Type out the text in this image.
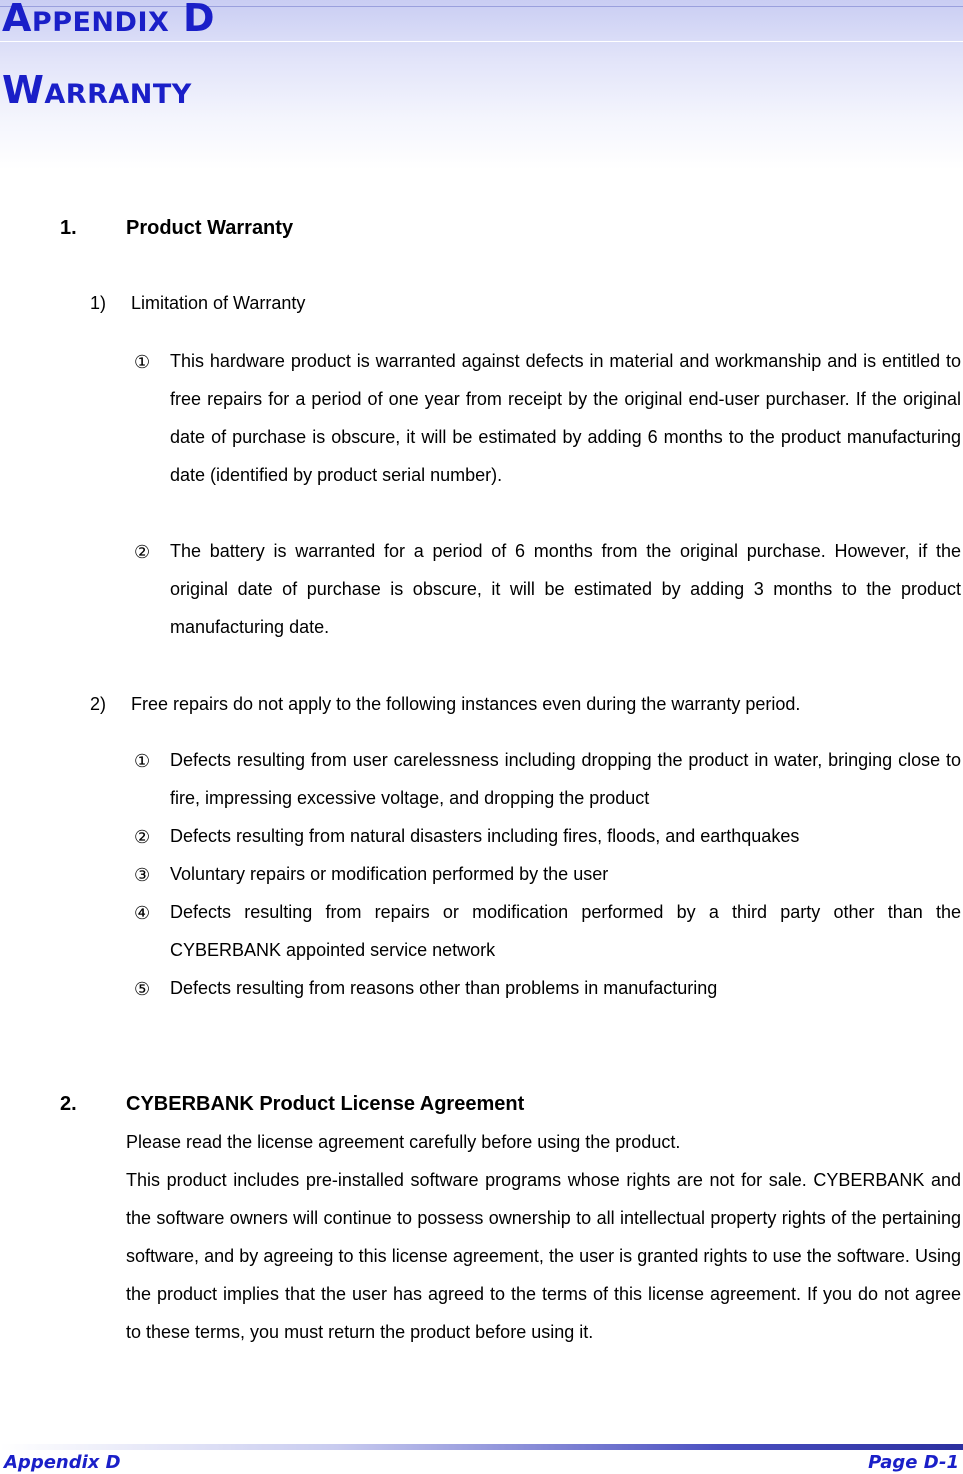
Appendix D
Warranty
1. Product Warranty
1) Limitation of Warranty
① This hardware product is warranted against defects in material and workmanship and is entitled to free repairs for a period of one year from receipt by the original end-user purchaser. If the original date of purchase is obscure, it will be estimated by adding 6 months to the product manufacturing date (identified by product serial number).
② The battery is warranted for a period of 6 months from the original purchase. However, if the original date of purchase is obscure, it will be estimated by adding 3 months to the product manufacturing date.
2) Free repairs do not apply to the following instances even during the warranty period.
① Defects resulting from user carelessness including dropping the product in water, bringing close to fire, impressing excessive voltage, and dropping the product
② Defects resulting from natural disasters including fires, floods, and earthquakes
③ Voluntary repairs or modification performed by the user
④ Defects resulting from repairs or modification performed by a third party other than the CYBERBANK appointed service network
⑤ Defects resulting from reasons other than problems in manufacturing
2. CYBERBANK Product License Agreement
Please read the license agreement carefully before using the product.
This product includes pre-installed software programs whose rights are not for sale. CYBERBANK and the software owners will continue to possess ownership to all intellectual property rights of the pertaining software, and by agreeing to this license agreement, the user is granted rights to use the software. Using the product implies that the user has agreed to the terms of this license agreement. If you do not agree to these terms, you must return the product before using it.
Appendix D	Page D-1
